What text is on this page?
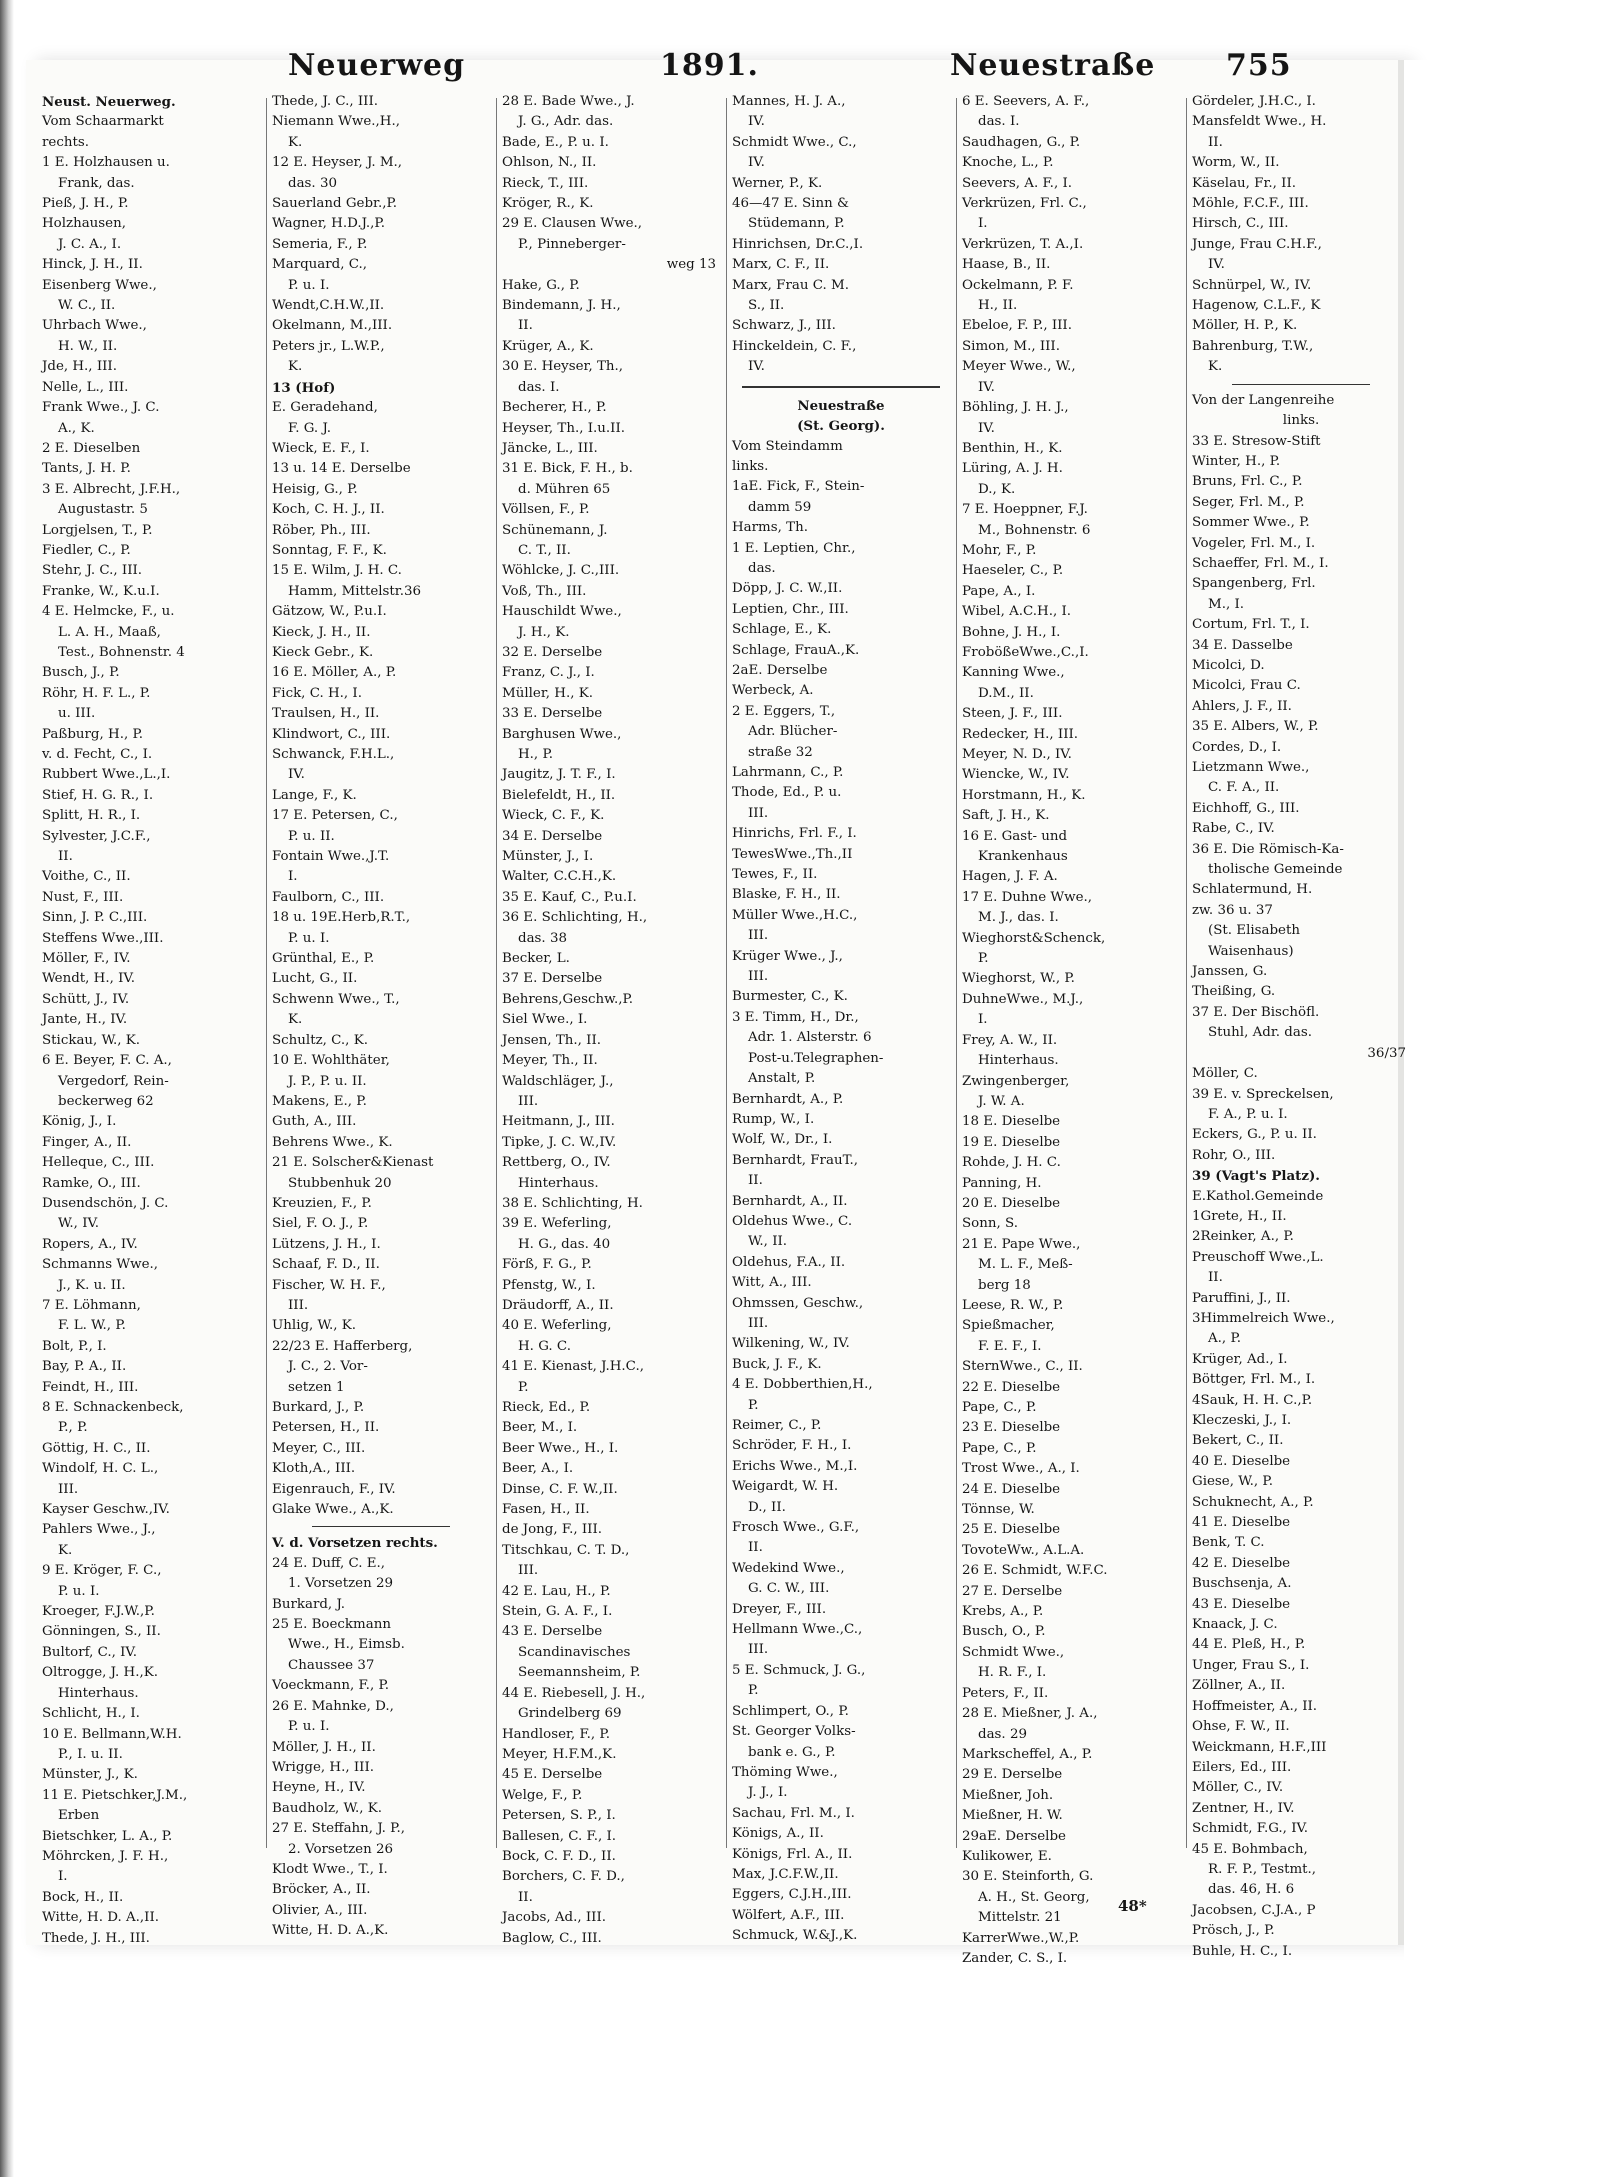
Neuerweg	1891.	Neuestraße 755
Neust. Neuerweg.
Vom Schaarmarkt
rechts.
1 E. Holzhausen u.
Frank, das.
Pieß, J. H., P.
Holzhausen,
J. C. A., I.
Hinck, J. H., II.
Eisenberg Wwe.,
W. C., II.
Uhrbach Wwe.,
H. W., II.
Jde, H., III.
Nelle, L., III.
Frank Wwe., J. C.
A., K.
2 E. Dieselben
Tants, J. H. P.
3 E. Albrecht, J.F.H.,
Augustastr. 5
Lorgjelsen, T., P.
Fiedler, C., P.
Stehr, J. C., III.
Franke, W., K.u.I.
4 E. Helmcke, F., u.
L. A. H., Maaß,
Test., Bohnenstr. 4
Busch, J., P.
Röhr, H. F. L., P.
u. III.
Paßburg, H., P.
v. d. Fecht, C., I.
Rubbert Wwe.,L.,I.
Stief, H. G. R., I.
Splitt, H. R., I.
Sylvester, J.C.F.,
II.
Voithe, C., II.
Nust, F., III.
Sinn, J. P. C.,III.
Steffens Wwe.,III.
Möller, F., IV.
Wendt, H., IV.
Schütt, J., IV.
Jante, H., IV.
Stickau, W., K.
6 E. Beyer, F. C. A.,
Vergedorf, Rein-
beckerweg 62
König, J., I.
Finger, A., II.
Helleque, C., III.
Ramke, O., III.
Dusendschön, J. C.
W., IV.
Ropers, A., IV.
Schmanns Wwe.,
J., K. u. II.
7 E. Löhmann,
F. L. W., P.
Bolt, P., I.
Bay, P. A., II.
Feindt, H., III.
8 E. Schnackenbeck,
P., P.
Göttig, H. C., II.
Windolf, H. C. L.,
III.
Kayser Geschw.,IV.
Pahlers Wwe., J.,
K.
9 E. Kröger, F. C.,
P. u. I.
Kroeger, F.J.W.,P.
Gönningen, S., II.
Bultorf, C., IV.
Oltrogge, J. H.,K.
Hinterhaus.
Schlicht, H., I.
10 E. Bellmann,W.H.
P., I. u. II.
Münster, J., K.
11 E. Pietschker,J.M.,
Erben
Bietschker, L. A., P.
Möhrcken, J. F. H.,
I.
Bock, H., II.
Witte, H. D. A.,II.
Thede, J. H., III.
Thede, J. C., III.
Niemann Wwe.,H.,
K.
12 E. Heyser, J. M.,
das. 30
Sauerland Gebr.,P.
Wagner, H.D.J.,P.
Semeria, F., P.
Marquard, C.,
P. u. I.
Wendt,C.H.W.,II.
Okelmann, M.,III.
Peters jr., L.W.P.,
K.
13 (Hof)
E. Geradehand,
F. G. J.
Wieck, E. F., I.
13 u. 14 E. Derselbe
Heisig, G., P.
Koch, C. H. J., II.
Röber, Ph., III.
Sonntag, F. F., K.
15 E. Wilm, J. H. C.
Hamm, Mittelstr.36
Gätzow, W., P.u.I.
Kieck, J. H., II.
Kieck Gebr., K.
16 E. Möller, A., P.
Fick, C. H., I.
Traulsen, H., II.
Klindwort, C., III.
Schwanck, F.H.L.,
IV.
Lange, F., K.
17 E. Petersen, C.,
P. u. II.
Fontain Wwe.,J.T.
I.
Faulborn, C., III.
18 u. 19E.Herb,R.T.,
P. u. I.
Grünthal, E., P.
Lucht, G., II.
Schwenn Wwe., T.,
K.
Schultz, C., K.
10 E. Wohlthäter,
J. P., P. u. II.
Makens, E., P.
Guth, A., III.
Behrens Wwe., K.
21 E. Solscher&Kienast
Stubbenhuk 20
Kreuzien, F., P.
Siel, F. O. J., P.
Lützens, J. H., I.
Schaaf, F. D., II.
Fischer, W. H. F.,
III.
Uhlig, W., K.
22/23 E. Hafferberg,
J. C., 2. Vor-
setzen 1
Burkard, J., P.
Petersen, H., II.
Meyer, C., III.
Kloth,A., III.
Eigenrauch, F., IV.
Glake Wwe., A.,K.
V. d. Vorsetzen rechts.
24 E. Duff, C. E.,
1. Vorsetzen 29
Burkard, J.
25 E. Boeckmann
Wwe., H., Eimsb.
Chaussee 37
Voeckmann, F., P.
26 E. Mahnke, D.,
P. u. I.
Möller, J. H., II.
Wrigge, H., III.
Heyne, H., IV.
Baudholz, W., K.
27 E. Steffahn, J. P.,
2. Vorsetzen 26
Klodt Wwe., T., I.
Bröcker, A., II.
Olivier, A., III.
Witte, H. D. A.,K.
28 E. Bade Wwe., J.
J. G., Adr. das.
Bade, E., P. u. I.
Ohlson, N., II.
Rieck, T., III.
Kröger, R., K.
29 E. Clausen Wwe.,
P., Pinneberger-
weg 13
Hake, G., P.
Bindemann, J. H.,
II.
Krüger, A., K.
30 E. Heyser, Th.,
das. I.
Becherer, H., P.
Heyser, Th., I.u.II.
Jäncke, L., III.
31 E. Bick, F. H., b.
d. Mühren 65
Völlsen, F., P.
Schünemann, J.
C. T., II.
Wöhlcke, J. C.,III.
Voß, Th., III.
Hauschildt Wwe.,
J. H., K.
32 E. Derselbe
Franz, C. J., I.
Müller, H., K.
33 E. Derselbe
Barghusen Wwe.,
H., P.
Jaugitz, J. T. F., I.
Bielefeldt, H., II.
Wieck, C. F., K.
34 E. Derselbe
Münster, J., I.
Walter, C.C.H.,K.
35 E. Kauf, C., P.u.I.
36 E. Schlichting, H.,
das. 38
Becker, L.
37 E. Derselbe
Behrens,Geschw.,P.
Siel Wwe., I.
Jensen, Th., II.
Meyer, Th., II.
Waldschläger, J.,
III.
Heitmann, J., III.
Tipke, J. C. W.,IV.
Rettberg, O., IV.
Hinterhaus.
38 E. Schlichting, H.
39 E. Weferling,
H. G., das. 40
Förß, F. G., P.
Pfenstg, W., I.
Dräudorff, A., II.
40 E. Weferling,
H. G. C.
41 E. Kienast, J.H.C.,
P.
Rieck, Ed., P.
Beer, M., I.
Beer Wwe., H., I.
Beer, A., I.
Dinse, C. F. W.,II.
Fasen, H., II.
de Jong, F., III.
Titschkau, C. T. D.,
III.
42 E. Lau, H., P.
Stein, G. A. F., I.
43 E. Derselbe
Scandinavisches
Seemannsheim, P.
44 E. Riebesell, J. H.,
Grindelberg 69
Handloser, F., P.
Meyer, H.F.M.,K.
45 E. Derselbe
Welge, F., P.
Petersen, S. P., I.
Ballesen, C. F., I.
Bock, C. F. D., II.
Borchers, C. F. D.,
II.
Jacobs, Ad., III.
Baglow, C., III.
Mannes, H. J. A.,
IV.
Schmidt Wwe., C.,
IV.
Werner, P., K.
46—47 E. Sinn &
Stüdemann, P.
Hinrichsen, Dr.C.,I.
Marx, C. F., II.
Marx, Frau C. M.
S., II.
Schwarz, J., III.
Hinckeldein, C. F.,
IV.
Neuestraße
(St. Georg).
Vom Steindamm
links.
1aE. Fick, F., Stein-
damm 59
Harms, Th.
1 E. Leptien, Chr.,
das.
Döpp, J. C. W.,II.
Leptien, Chr., III.
Schlage, E., K.
Schlage, FrauA.,K.
2aE. Derselbe
Werbeck, A.
2 E. Eggers, T.,
Adr. Blücher-
straße 32
Lahrmann, C., P.
Thode, Ed., P. u.
III.
Hinrichs, Frl. F., I.
TewesWwe.,Th.,II
Tewes, F., II.
Blaske, F. H., II.
Müller Wwe.,H.C.,
III.
Krüger Wwe., J.,
III.
Burmester, C., K.
3 E. Timm, H., Dr.,
Adr. 1. Alsterstr. 6
Post-u.Telegraphen-
Anstalt, P.
Bernhardt, A., P.
Rump, W., I.
Wolf, W., Dr., I.
Bernhardt, FrauT.,
II.
Bernhardt, A., II.
Oldehus Wwe., C.
W., II.
Oldehus, F.A., II.
Witt, A., III.
Ohmssen, Geschw.,
III.
Wilkening, W., IV.
Buck, J. F., K.
4 E. Dobberthien,H.,
P.
Reimer, C., P.
Schröder, F. H., I.
Erichs Wwe., M.,I.
Weigardt, W. H.
D., II.
Frosch Wwe., G.F.,
II.
Wedekind Wwe.,
G. C. W., III.
Dreyer, F., III.
Hellmann Wwe.,C.,
III.
5 E. Schmuck, J. G.,
P.
Schlimpert, O., P.
St. Georger Volks-
bank e. G., P.
Thöming Wwe.,
J. J., I.
Sachau, Frl. M., I.
Königs, A., II.
Königs, Frl. A., II.
Max, J.C.F.W.,II.
Eggers, C.J.H.,III.
Wölfert, A.F., III.
Schmuck, W.&J.,K.
6 E. Seevers, A. F.,
das. I.
Saudhagen, G., P.
Knoche, L., P.
Seevers, A. F., I.
Verkrüzen, Frl. C.,
I.
Verkrüzen, T. A.,I.
Haase, B., II.
Ockelmann, P. F.
H., II.
Ebeloe, F. P., III.
Simon, M., III.
Meyer Wwe., W.,
IV.
Böhling, J. H. J.,
IV.
Benthin, H., K.
Lüring, A. J. H.
D., K.
7 E. Hoeppner, F.J.
M., Bohnenstr. 6
Mohr, F., P.
Haeseler, C., P.
Pape, A., I.
Wibel, A.C.H., I.
Bohne, J. H., I.
FrobößeWwe.,C.,I.
Kanning Wwe.,
D.M., II.
Steen, J. F., III.
Redecker, H., III.
Meyer, N. D., IV.
Wiencke, W., IV.
Horstmann, H., K.
Saft, J. H., K.
16 E. Gast- und
Krankenhaus
Hagen, J. F. A.
17 E. Duhne Wwe.,
M. J., das. I.
Wieghorst&Schenck,
P.
Wieghorst, W., P.
DuhneWwe., M.J.,
I.
Frey, A. W., II.
Hinterhaus.
Zwingenberger,
J. W. A.
18 E. Dieselbe
19 E. Dieselbe
Rohde, J. H. C.
Panning, H.
20 E. Dieselbe
Sonn, S.
21 E. Pape Wwe.,
M. L. F., Meß-
berg 18
Leese, R. W., P.
Spießmacher,
F. E. F., I.
SternWwe., C., II.
22 E. Dieselbe
Pape, C., P.
23 E. Dieselbe
Pape, C., P.
Trost Wwe., A., I.
24 E. Dieselbe
Tönnse, W.
25 E. Dieselbe
TovoteWw., A.L.A.
26 E. Schmidt, W.F.C.
27 E. Derselbe
Krebs, A., P.
Busch, O., P.
Schmidt Wwe.,
H. R. F., I.
Peters, F., II.
28 E. Mießner, J. A.,
das. 29
Markscheffel, A., P.
29 E. Derselbe
Mießner, Joh.
Mießner, H. W.
29aE. Derselbe
Kulikower, E.
30 E. Steinforth, G.
A. H., St. Georg,
Mittelstr. 21
KarrerWwe.,W.,P.
Zander, C. S., I.
Gördeler, J.H.C., I.
Mansfeldt Wwe., H.
II.
Worm, W., II.
Käselau, Fr., II.
Möhle, F.C.F., III.
Hirsch, C., III.
Junge, Frau C.H.F.,
IV.
Schnürpel, W., IV.
Hagenow, C.L.F., K
Möller, H. P., K.
Bahrenburg, T.W.,
K.
Von der Langenreihe
links.
33 E. Stresow-Stift
Winter, H., P.
Bruns, Frl. C., P.
Seger, Frl. M., P.
Sommer Wwe., P.
Vogeler, Frl. M., I.
Schaeffer, Frl. M., I.
Spangenberg, Frl.
M., I.
Cortum, Frl. T., I.
34 E. Dasselbe
Micolci, D.
Micolci, Frau C.
Ahlers, J. F., II.
35 E. Albers, W., P.
Cordes, D., I.
Lietzmann Wwe.,
C. F. A., II.
Eichhoff, G., III.
Rabe, C., IV.
36 E. Die Römisch-Ka-
tholische Gemeinde
Schlatermund, H.
zw. 36 u. 37
(St. Elisabeth
Waisenhaus)
Janssen, G.
Theißing, G.
37 E. Der Bischöfl.
Stuhl, Adr. das.
36/37
Möller, C.
39 E. v. Spreckelsen,
F. A., P. u. I.
Eckers, G., P. u. II.
Rohr, O., III.
39 (Vagt's Platz).
E.Kathol.Gemeinde
1Grete, H., II.
2Reinker, A., P.
Preuschoff Wwe.,L.
II.
Paruffini, J., II.
3Himmelreich Wwe.,
A., P.
Krüger, Ad., I.
Böttger, Frl. M., I.
4Sauk, H. H. C.,P.
Kleczeski, J., I.
Bekert, C., II.
40 E. Dieselbe
Giese, W., P.
Schuknecht, A., P.
41 E. Dieselbe
Benk, T. C.
42 E. Dieselbe
Buschsenja, A.
43 E. Dieselbe
Knaack, J. C.
44 E. Pleß, H., P.
Unger, Frau S., I.
Zöllner, A., II.
Hoffmeister, A., II.
Ohse, F. W., II.
Weickmann, H.F.,III
Eilers, Ed., III.
Möller, C., IV.
Zentner, H., IV.
Schmidt, F.G., IV.
45 E. Bohmbach,
R. F. P., Testmt.,
das. 46, H. 6
Jacobsen, C.J.A., P
Prösch, J., P.
Buhle, H. C., I.
48*
